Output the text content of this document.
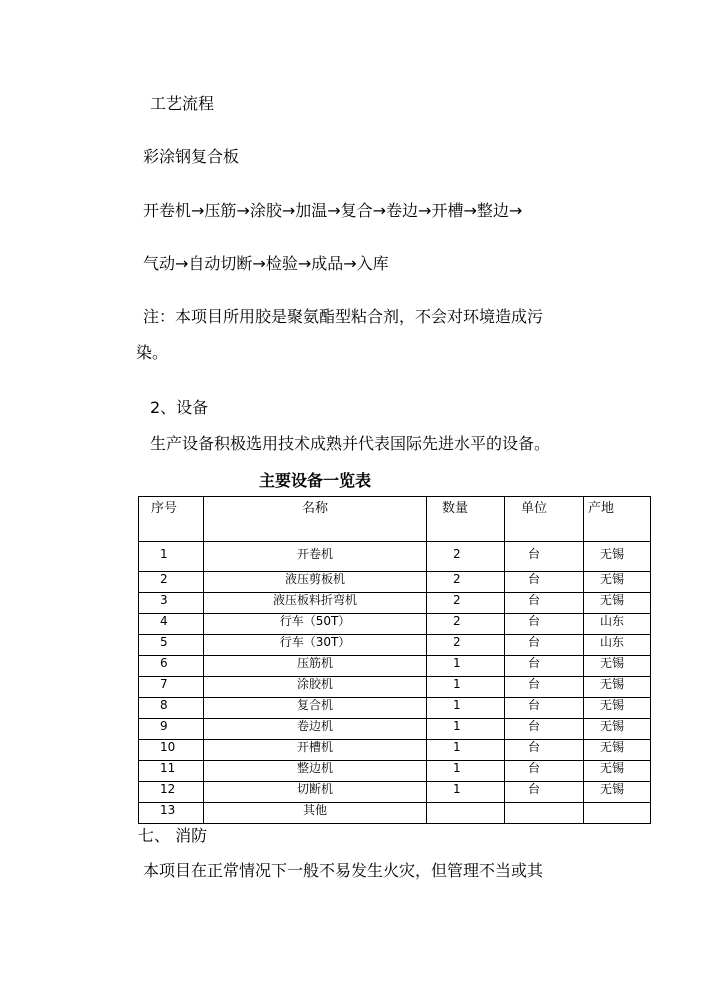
工艺流程
彩涂钢复合板
开卷机→压筋→涂胶→加温→复合→卷边→开槽→整边→
气动→自动切断→检验→成品→入库
注：本项目所用胶是聚氨酯型粘合剂，不会对环境造成污
染。
2、设备
生产设备积极选用技术成熟并代表国际先进水平的设备。
主要设备一览表
序号	名称	数量	单位	产地
1	开卷机	2	台	无锡
2	液压剪板机	2	台	无锡
3	液压板料折弯机	2	台	无锡
4	行车（50T）	2	台	山东
5	行车（30T）	2	台	山东
6	压筋机	1	台	无锡
7	涂胶机	1	台	无锡
8	复合机	1	台	无锡
9	卷边机	1	台	无锡
10	开槽机	1	台	无锡
11	整边机	1	台	无锡
12	切断机	1	台	无锡
13	其他			
七、 消防
本项目在正常情况下一般不易发生火灾，但管理不当或其
